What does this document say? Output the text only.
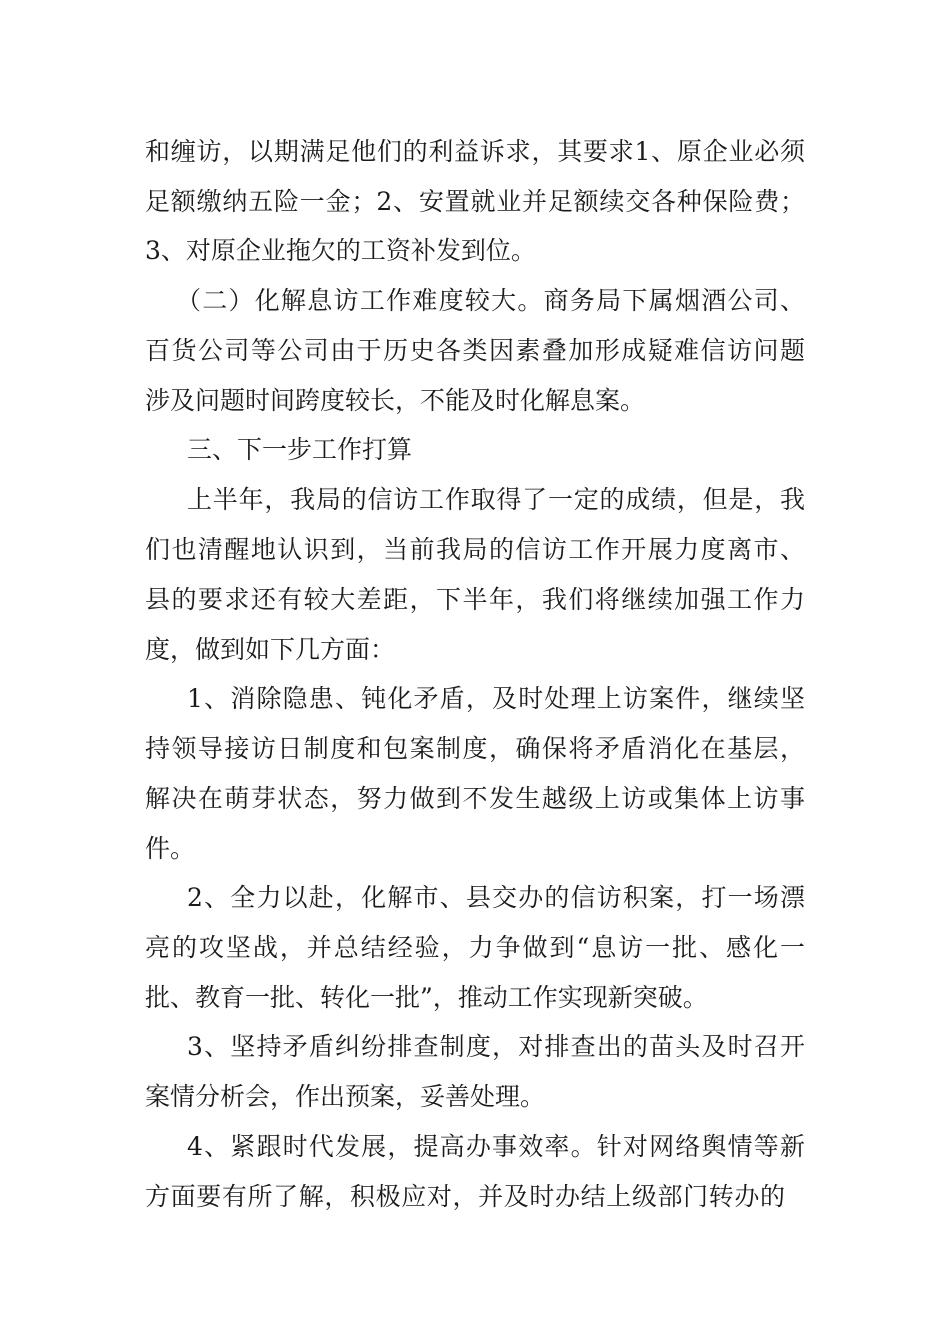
和缠访，以期满足他们的利益诉求，其要求1、原企业必须
足额缴纳五险一金；2、安置就业并足额续交各种保险费；
3、对原企业拖欠的工资补发到位。
（二）化解息访工作难度较大。商务局下属烟酒公司、
百货公司等公司由于历史各类因素叠加形成疑难信访问题
涉及问题时间跨度较长，不能及时化解息案。
三、下一步工作打算
上半年，我局的信访工作取得了一定的成绩，但是，我
们也清醒地认识到，当前我局的信访工作开展力度离市、
县的要求还有较大差距，下半年，我们将继续加强工作力
度，做到如下几方面：
1、消除隐患、钝化矛盾，及时处理上访案件，继续坚
持领导接访日制度和包案制度，确保将矛盾消化在基层，
解决在萌芽状态，努力做到不发生越级上访或集体上访事
件。
2、全力以赴，化解市、县交办的信访积案，打一场漂
亮的攻坚战，并总结经验，力争做到“息访一批、感化一
批、教育一批、转化一批”，推动工作实现新突破。
3、坚持矛盾纠纷排查制度，对排查出的苗头及时召开
案情分析会，作出预案，妥善处理。
4、紧跟时代发展，提高办事效率。针对网络舆情等新
方面要有所了解，积极应对，并及时办结上级部门转办的
